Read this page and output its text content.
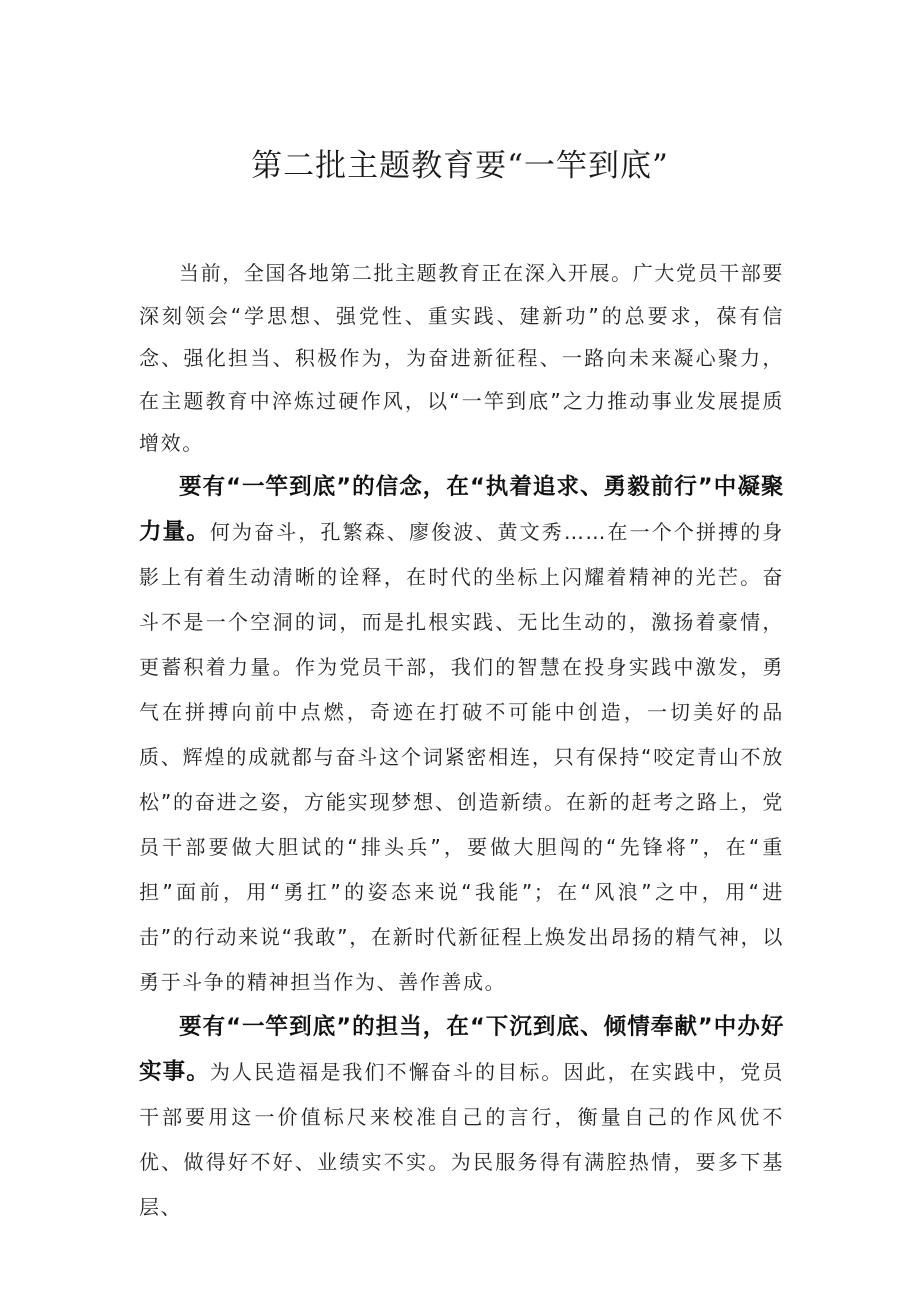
第二批主题教育要“一竿到底”

当前，全国各地第二批主题教育正在深入开展。广大党员干部要深刻领会“学思想、强党性、重实践、建新功”的总要求，葆有信念、强化担当、积极作为，为奋进新征程、一路向未来凝心聚力，在主题教育中淬炼过硬作风，以“一竿到底”之力推动事业发展提质增效。

要有“一竿到底”的信念，在“执着追求、勇毅前行”中凝聚力量。何为奋斗，孔繁森、廖俊波、黄文秀……在一个个拼搏的身影上有着生动清晰的诠释，在时代的坐标上闪耀着精神的光芒。奋斗不是一个空洞的词，而是扎根实践、无比生动的，激扬着豪情，更蓄积着力量。作为党员干部，我们的智慧在投身实践中激发，勇气在拼搏向前中点燃，奇迹在打破不可能中创造，一切美好的品质、辉煌的成就都与奋斗这个词紧密相连，只有保持“咬定青山不放松”的奋进之姿，方能实现梦想、创造新绩。在新的赶考之路上，党员干部要做大胆试的“排头兵”，要做大胆闯的“先锋将”，在“重担”面前，用“勇扛”的姿态来说“我能”；在“风浪”之中，用“进击”的行动来说“我敢”，在新时代新征程上焕发出昂扬的精气神，以勇于斗争的精神担当作为、善作善成。

要有“一竿到底”的担当，在“下沉到底、倾情奉献”中办好实事。为人民造福是我们不懈奋斗的目标。因此，在实践中，党员干部要用这一价值标尺来校准自己的言行，衡量自己的作风优不优、做得好不好、业绩实不实。为民服务得有满腔热情，要多下基层、
